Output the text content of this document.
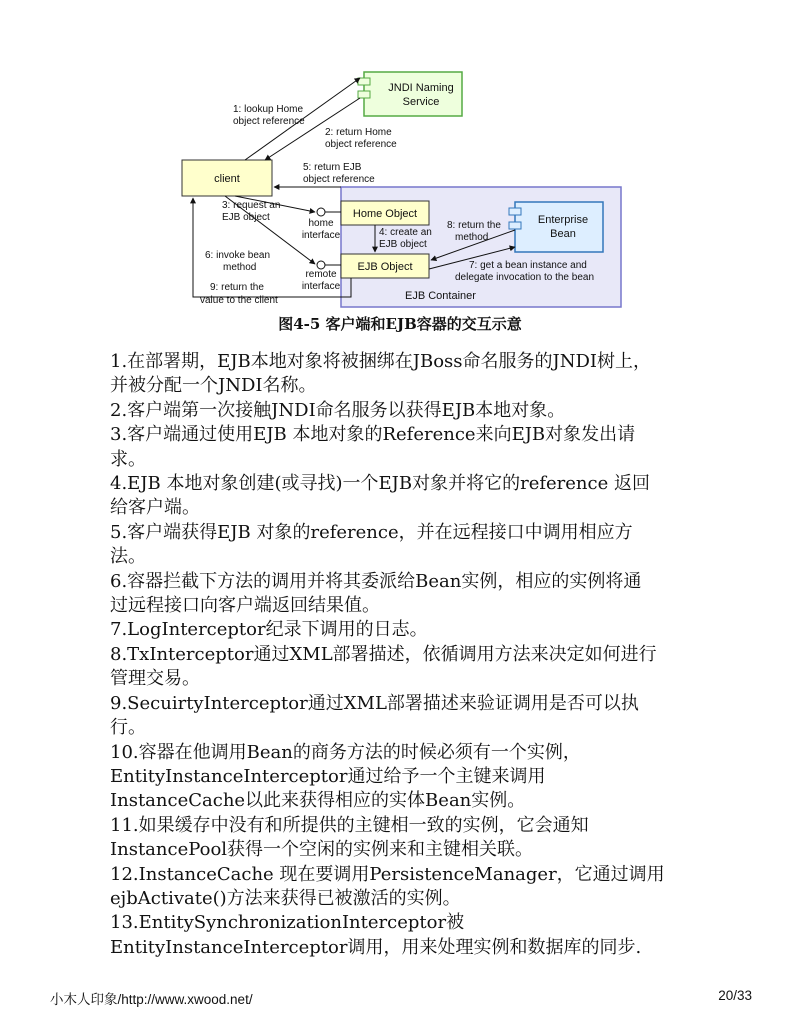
EJB Container
JNDI Naming
Service
client
Home Object
EJB Object
Enterprise
Bean
home
interface
remote
interface
1: lookup Home
object reference
2: return Home
object reference
5: return EJB
object reference
3: request an
EJB object
4: create an
EJB object
8: return the
method
6: invoke bean
method	7: get a bean instance and
delegate invocation to the bean
9: return the
value to the client
图4-5 客户端和EJB容器的交互示意

1.在部署期，EJB本地对象将被捆绑在JBoss命名服务的JNDI树上，

并被分配一个JNDI名称。

2.客户端第一次接触JNDI命名服务以获得EJB本地对象。

3.客户端通过使用EJB 本地对象的Reference来向EJB对象发出请

求。

4.EJB 本地对象创建(或寻找)一个EJB对象并将它的reference 返回

给客户端。

5.客户端获得EJB 对象的reference，并在远程接口中调用相应方

法。

6.容器拦截下方法的调用并将其委派给Bean实例，相应的实例将通

过远程接口向客户端返回结果值。

7.LogInterceptor纪录下调用的日志。

8.TxInterceptor通过XML部署描述，依循调用方法来决定如何进行

管理交易。

9.SecuirtyInterceptor通过XML部署描述来验证调用是否可以执

行。

10.容器在他调用Bean的商务方法的时候必须有一个实例，

EntityInstanceInterceptor通过给予一个主键来调用

InstanceCache以此来获得相应的实体Bean实例。

11.如果缓存中没有和所提供的主键相一致的实例，它会通知

InstancePool获得一个空闲的实例来和主键相关联。

12.InstanceCache 现在要调用PersistenceManager，它通过调用

ejbActivate()方法来获得已被激活的实例。

13.EntitySynchronizationInterceptor被

EntityInstanceInterceptor调用，用来处理实例和数据库的同步.

小木人印象/http://www.xwood.net/	20/33
